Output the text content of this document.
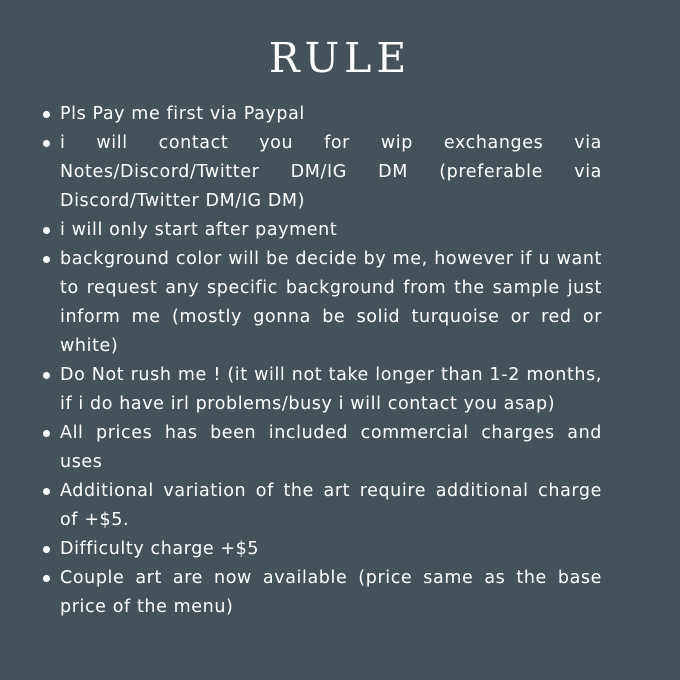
RULE
Pls Pay me first via Paypal
i will contact you for wip exchanges via Notes/Discord/Twitter DM/IG DM (preferable via Discord/Twitter DM/IG DM)
i will only start after payment
background color will be decide by me, however if u want to request any specific background from the sample just inform me (mostly gonna be solid turquoise or red or white)
Do Not rush me ! (it will not take longer than 1-2 months, if i do have irl problems/busy i will contact you asap)
All prices has been included commercial charges and uses
Additional variation of the art require additional charge of +$5.
Difficulty charge +$5
Couple art are now available (price same as the base price of the menu)
